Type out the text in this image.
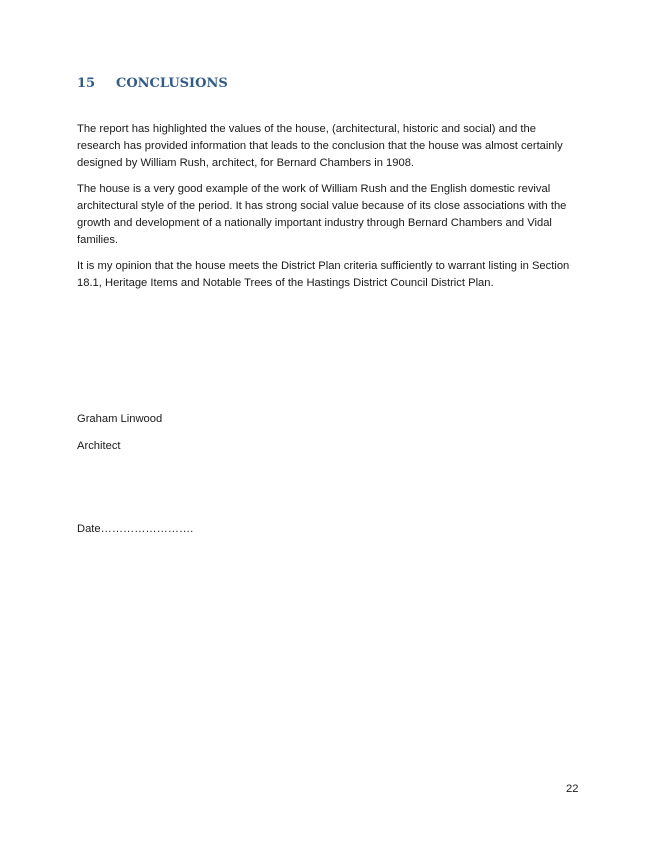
15	CONCLUSIONS

The report has highlighted the values of the house, (architectural, historic and social) and the research has provided information that leads to the conclusion that the house was almost certainly designed by William Rush, architect, for Bernard Chambers in 1908.

The house is a very good example of the work of William Rush and the English domestic revival architectural style of the period. It has strong social value because of its close associations with the growth and development of a nationally important industry through Bernard Chambers and Vidal families.

It is my opinion that the house meets the District Plan criteria sufficiently to warrant listing in Section 18.1, Heritage Items and Notable Trees of the Hastings District Council District Plan.

Graham Linwood
Architect
Date…………………….
22
